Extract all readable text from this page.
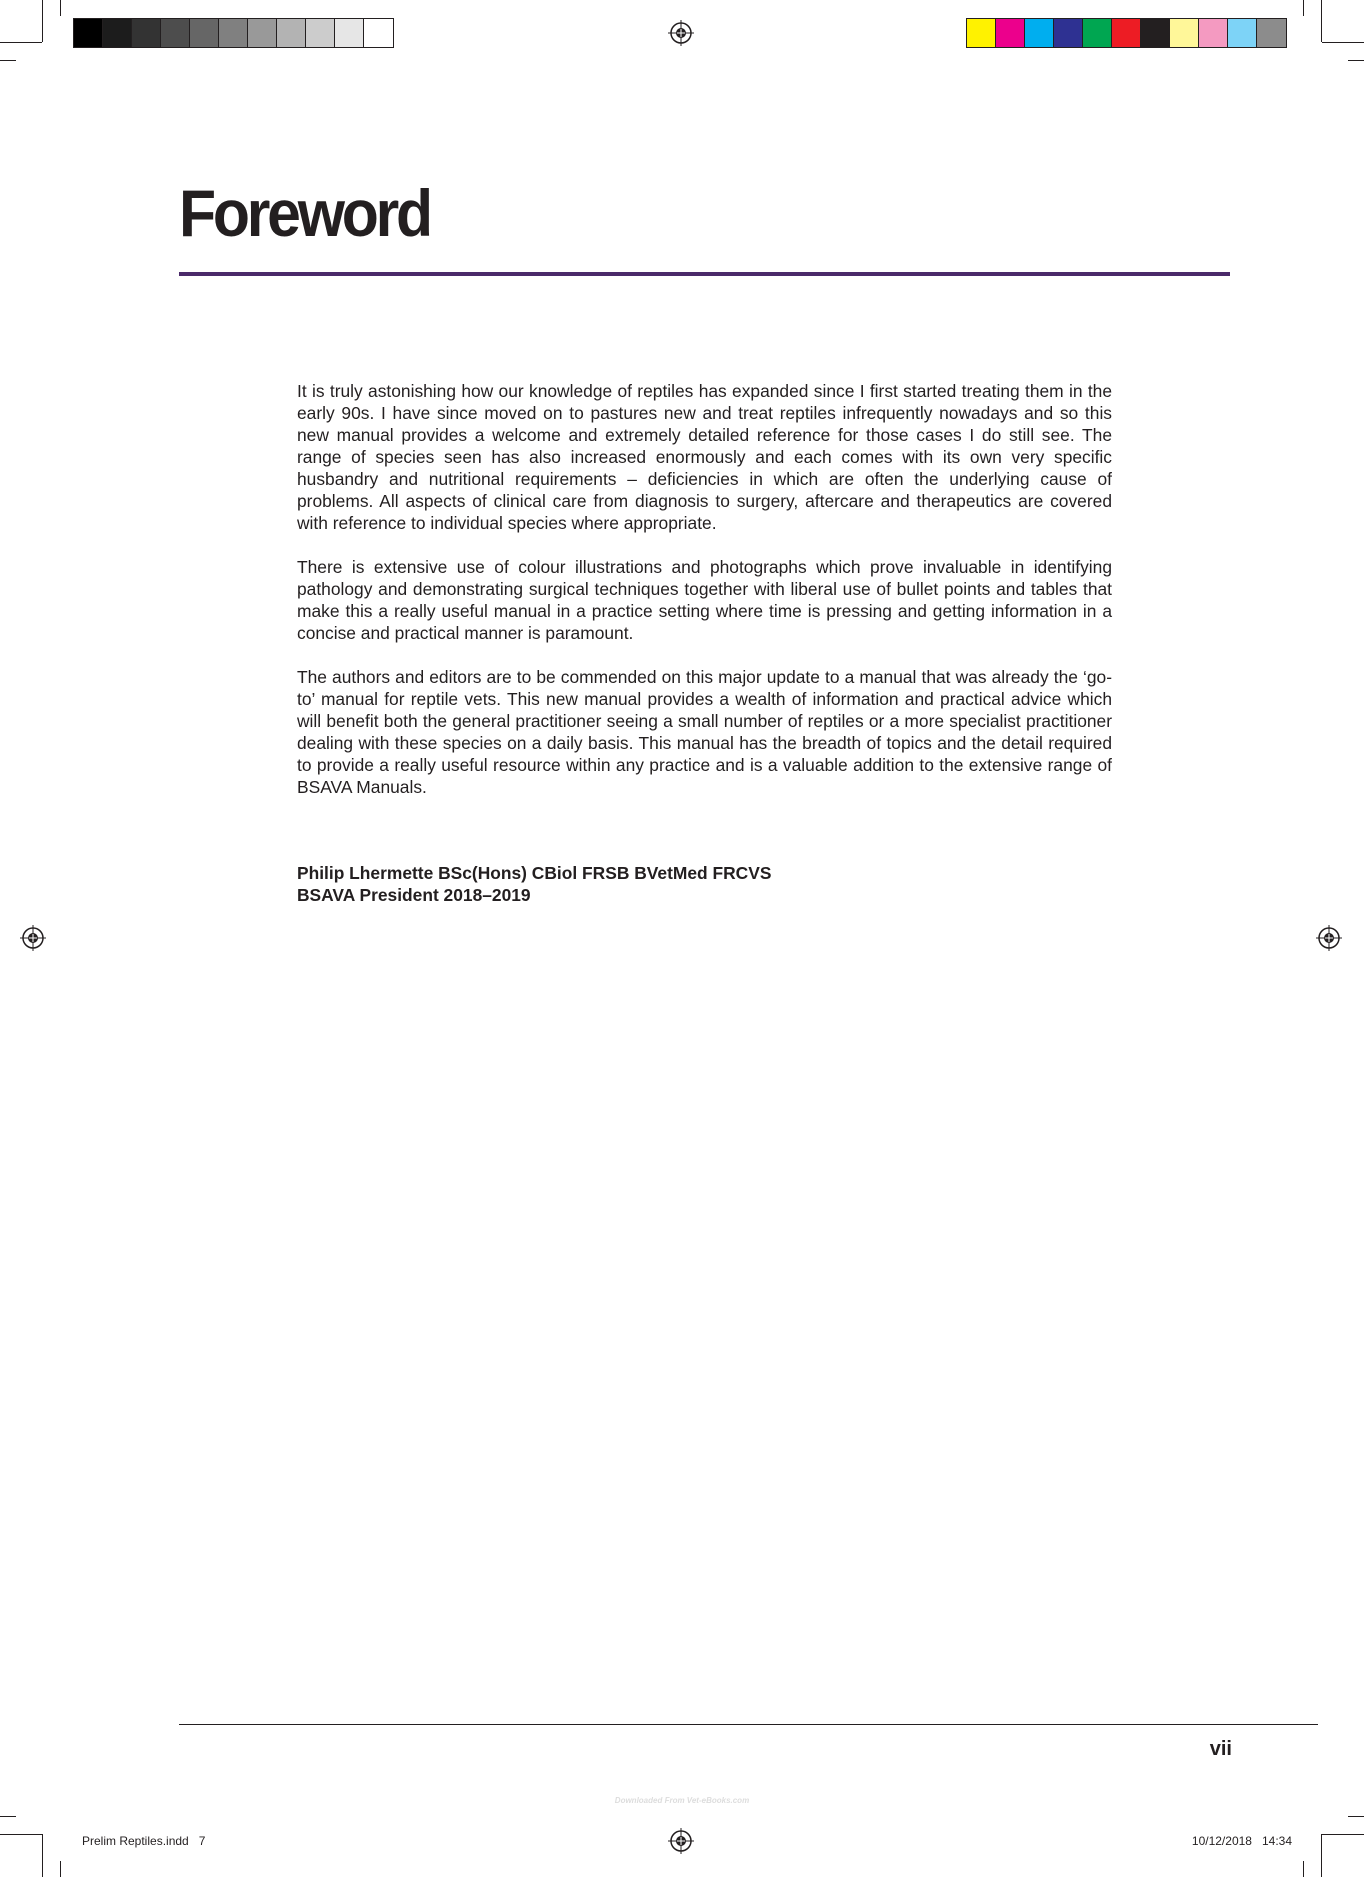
Foreword

It is truly astonishing how our knowledge of reptiles has expanded since I first started treating them in the early 90s. I have since moved on to pastures new and treat reptiles infrequently nowadays and so this new manual provides a welcome and extremely detailed reference for those cases I do still see. The range of species seen has also increased enormously and each comes with its own very specific husbandry and nutritional requirements – deficiencies in which are often the underlying cause of problems. All aspects of clinical care from diagnosis to surgery, aftercare and therapeutics are covered with reference to individual species where appropriate.

There is extensive use of colour illustrations and photographs which prove invaluable in identifying pathology and demonstrating surgical techniques together with liberal use of bullet points and tables that make this a really useful manual in a practice setting where time is pressing and getting information in a concise and practical manner is paramount.

The authors and editors are to be commended on this major update to a manual that was already the ‘go-to’ manual for reptile vets. This new manual provides a wealth of information and practical advice which will benefit both the general practitioner seeing a small number of reptiles or a more specialist practitioner dealing with these species on a daily basis. This manual has the breadth of topics and the detail required to provide a really useful resource within any practice and is a valuable addition to the extensive range of BSAVA Manuals.

Philip Lhermette BSc(Hons) CBiol FRSB BVetMed FRCVS
BSAVA President 2018–2019
vii
Downloaded From Vet-eBooks.com
Prelim Reptiles.indd   7	10/12/2018   14:34
